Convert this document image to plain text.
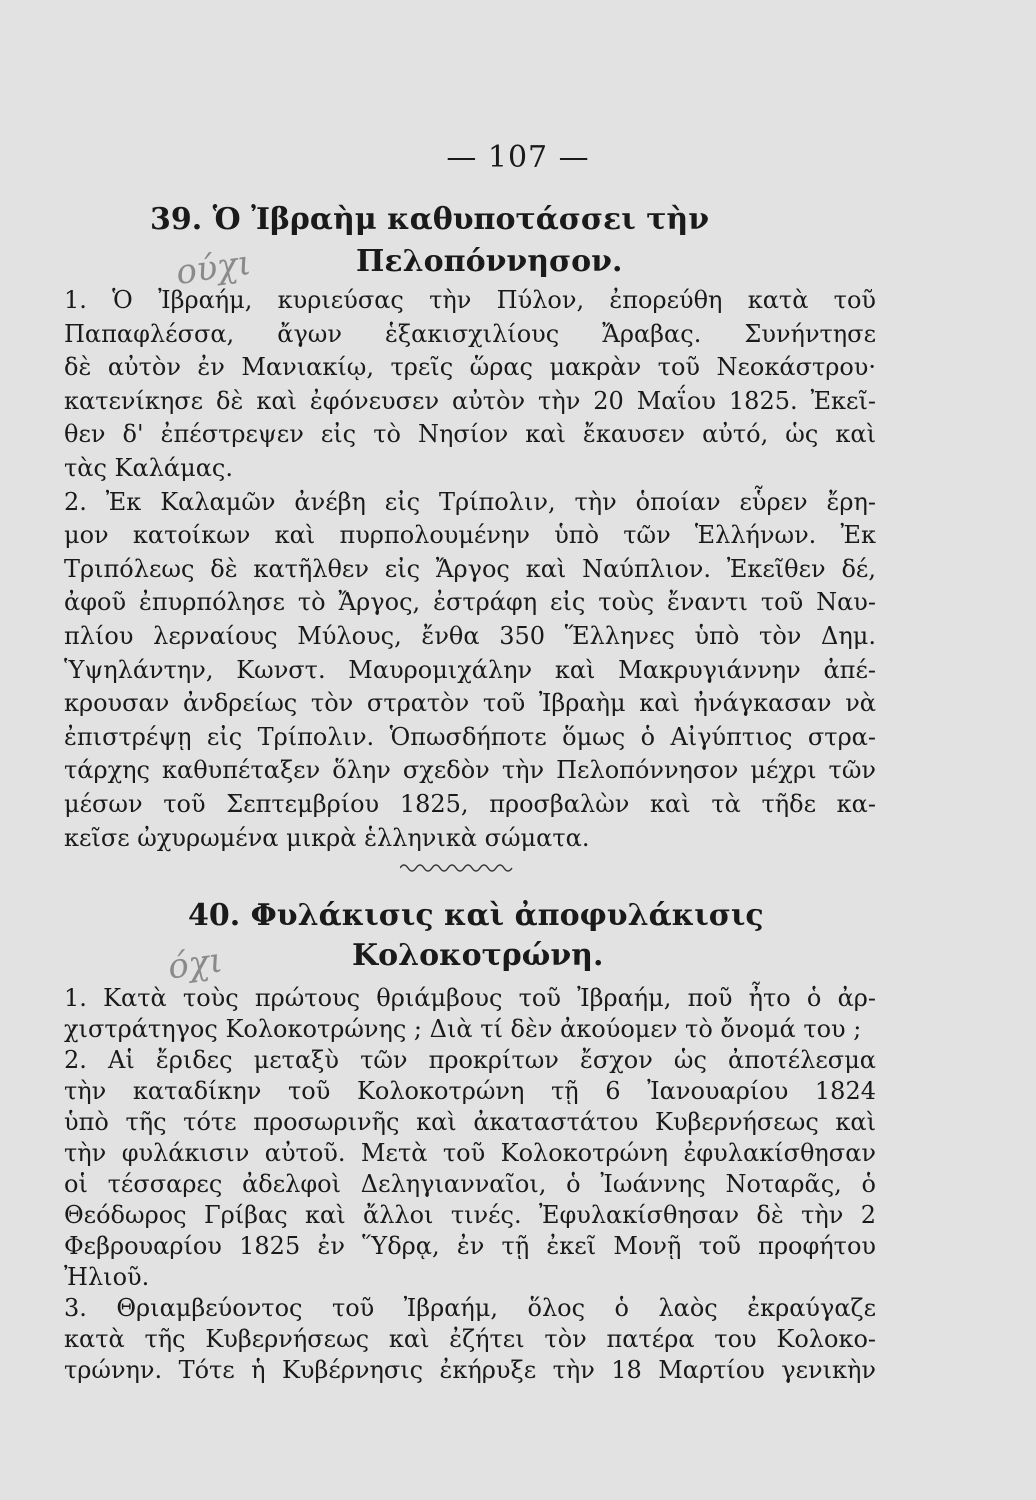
— 107 —
39. Ὁ Ἰβραὴμ καθυποτάσσει τὴν
Πελοπόννησον.
ούχι
1. Ὁ Ἰβραήμ, κυριεύσας τὴν Πύλον, ἐπορεύθη κατὰ τοῦ
Παπαφλέσσα, ἄγων ἑξακισχιλίους Ἄραβας. Συνήντησε
δὲ αὐτὸν ἐν Μανιακίῳ, τρεῖς ὥρας μακρὰν τοῦ Νεοκάστρου·
κατενίκησε δὲ καὶ ἐφόνευσεν αὐτὸν τὴν 20 Μαΐου 1825. Ἐκεῖ-
θεν δ' ἐπέστρεψεν εἰς τὸ Νησίον καὶ ἔκαυσεν αὐτό, ὡς καὶ
τὰς Καλάμας.
2. Ἐκ Καλαμῶν ἀνέβη εἰς Τρίπολιν, τὴν ὁποίαν εὗρεν ἔρη-
μον κατοίκων καὶ πυρπολουμένην ὑπὸ τῶν Ἑλλήνων. Ἐκ
Τριπόλεως δὲ κατῆλθεν εἰς Ἄργος καὶ Ναύπλιον. Ἐκεῖθεν δέ,
ἀφοῦ ἐπυρπόλησε τὸ Ἄργος, ἐστράφη εἰς τοὺς ἔναντι τοῦ Ναυ-
πλίου λερναίους Μύλους, ἔνθα 350 Ἕλληνες ὑπὸ τὸν Δημ.
Ὑψηλάντην, Κωνστ. Μαυρομιχάλην καὶ Μακρυγιάννην ἀπέ-
κρουσαν ἀνδρείως τὸν στρατὸν τοῦ Ἰβραὴμ καὶ ἠνάγκασαν νὰ
ἐπιστρέψῃ εἰς Τρίπολιν. Ὁπωσδήποτε ὅμως ὁ Αἰγύπτιος στρα-
τάρχης καθυπέταξεν ὅλην σχεδὸν τὴν Πελοπόννησον μέχρι τῶν
μέσων τοῦ Σεπτεμβρίου 1825, προσβαλὼν καὶ τὰ τῆδε κα-
κεῖσε ὠχυρωμένα μικρὰ ἑλληνικὰ σώματα.
40. Φυλάκισις καὶ ἀποφυλάκισις
Κολοκοτρώνη.
όχι
1. Κατὰ τοὺς πρώτους θριάμβους τοῦ Ἰβραήμ, ποῦ ἦτο ὁ ἀρ-
χιστράτηγος Κολοκοτρώνης ; Διὰ τί δὲν ἀκούομεν τὸ ὄνομά του ;
2. Αἱ ἔριδες μεταξὺ τῶν προκρίτων ἔσχον ὡς ἀποτέλεσμα
τὴν καταδίκην τοῦ Κολοκοτρώνη τῇ 6 Ἰανουαρίου 1824
ὑπὸ τῆς τότε προσωρινῆς καὶ ἀκαταστάτου Κυβερνήσεως καὶ
τὴν φυλάκισιν αὐτοῦ. Μετὰ τοῦ Κολοκοτρώνη ἐφυλακίσθησαν
οἱ τέσσαρες ἀδελφοὶ Δεληγιανναῖοι, ὁ Ἰωάννης Νοταρᾶς, ὁ
Θεόδωρος Γρίβας καὶ ἄλλοι τινές. Ἐφυλακίσθησαν δὲ τὴν 2
Φεβρουαρίου 1825 ἐν Ὕδρᾳ, ἐν τῇ ἐκεῖ Μονῇ τοῦ προφήτου
Ἠλιοῦ.
3. Θριαμβεύοντος τοῦ Ἰβραήμ, ὅλος ὁ λαὸς ἐκραύγαζε
κατὰ τῆς Κυβερνήσεως καὶ ἐζήτει τὸν πατέρα του Κολοκο-
τρώνην. Τότε ἡ Κυβέρνησις ἐκήρυξε τὴν 18 Μαρτίου γενικὴν
